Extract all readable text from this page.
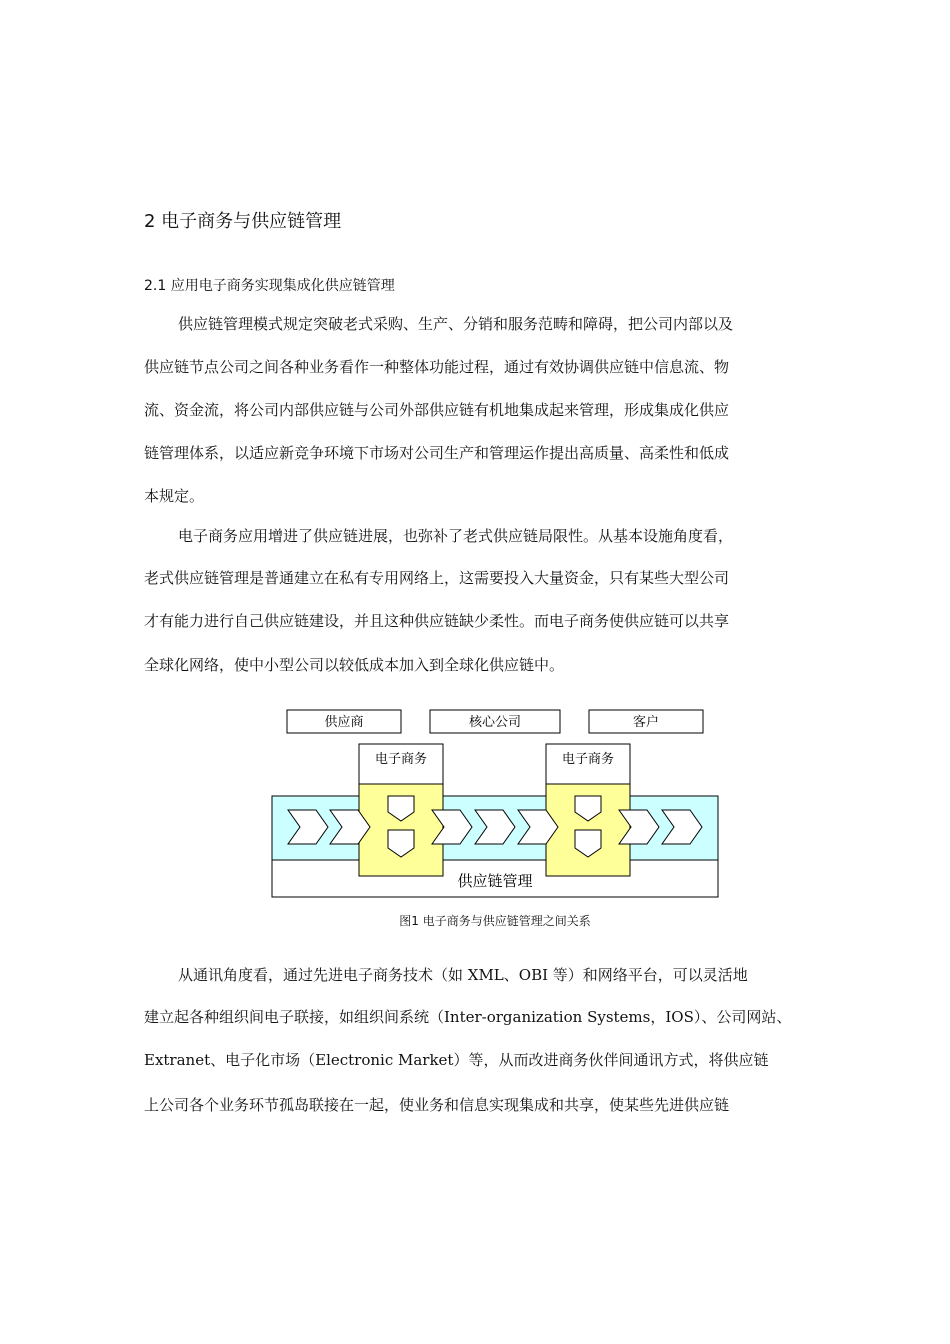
2 电子商务与供应链管理
2.1 应用电子商务实现集成化供应链管理
供应链管理模式规定突破老式采购、生产、分销和服务范畴和障碍，把公司内部以及
供应链节点公司之间各种业务看作一种整体功能过程，通过有效协调供应链中信息流、物
流、资金流，将公司内部供应链与公司外部供应链有机地集成起来管理，形成集成化供应
链管理体系，以适应新竞争环境下市场对公司生产和管理运作提出高质量、高柔性和低成
本规定。
电子商务应用增进了供应链进展，也弥补了老式供应链局限性。从基本设施角度看，
老式供应链管理是普通建立在私有专用网络上，这需要投入大量资金，只有某些大型公司
才有能力进行自己供应链建设，并且这种供应链缺少柔性。而电子商务使供应链可以共享
全球化网络，使中小型公司以较低成本加入到全球化供应链中。
供应商	核心公司	客户
电子商务	电子商务
供应链管理
图1 电子商务与供应链管理之间关系
从通讯角度看，通过先进电子商务技术（如 XML、OBI 等）和网络平台，可以灵活地
建立起各种组织间电子联接，如组织间系统（Inter-organization Systems，IOS）、公司网站、
Extranet、电子化市场（Electronic Market）等，从而改进商务伙伴间通讯方式，将供应链
上公司各个业务环节孤岛联接在一起，使业务和信息实现集成和共享，使某些先进供应链
